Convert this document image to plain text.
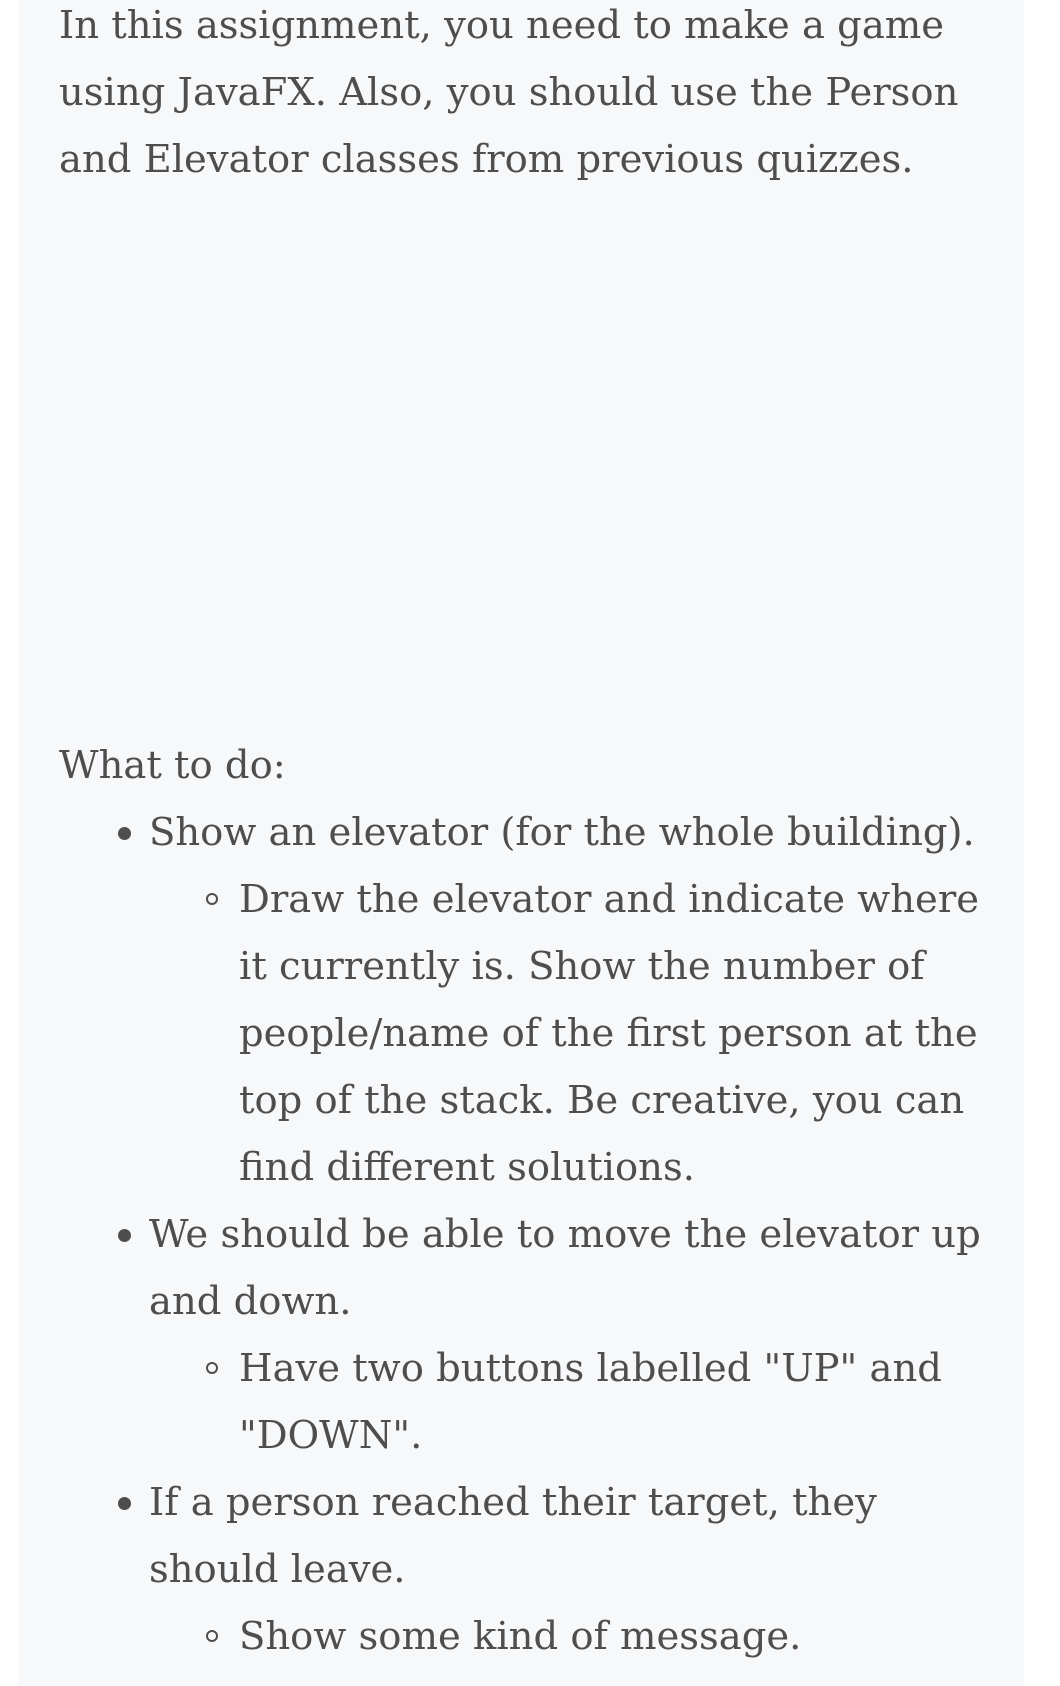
In this assignment, you need to make a game
using JavaFX. Also, you should use the Person
and Elevator classes from previous quizzes.
What to do:
Show an elevator (for the whole building).
Draw the elevator and indicate where
it currently is. Show the number of
people/name of the first person at the
top of the stack. Be creative, you can
find different solutions.
We should be able to move the elevator up
and down.
Have two buttons labelled "UP" and
"DOWN".
If a person reached their target, they
should leave.
Show some kind of message.
